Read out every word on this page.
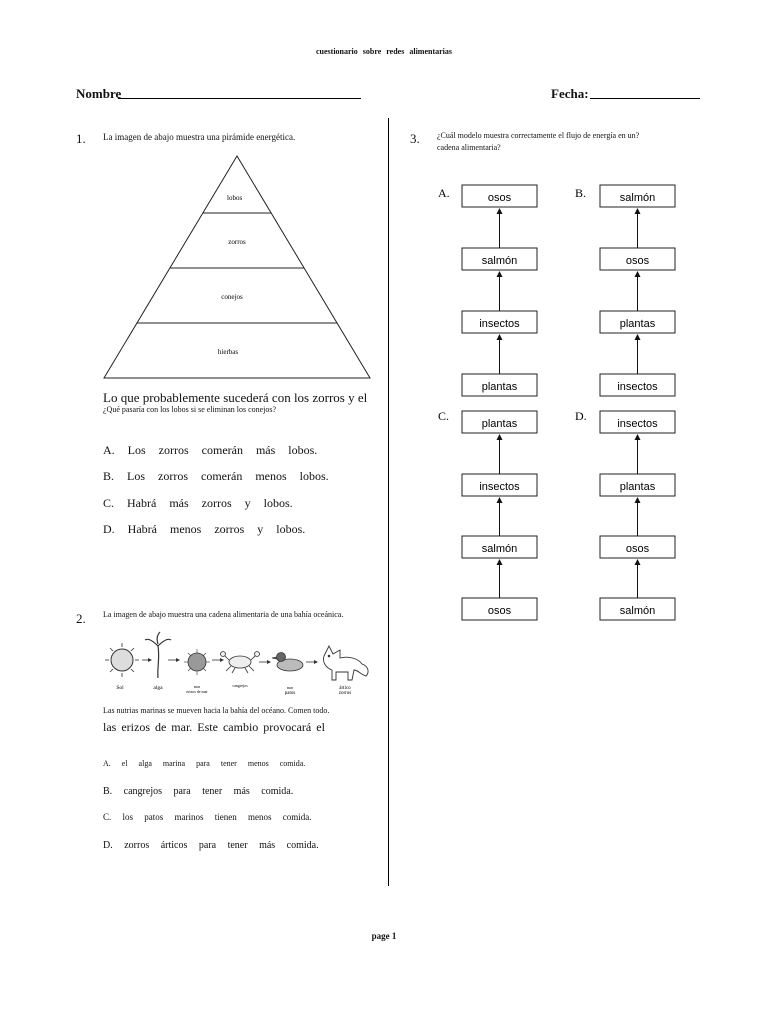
cuestionario sobre redes alimentarias
Nombre	Fecha:
1. La imagen de abajo muestra una pirámide energética.
lobos
zorros
conejos
hierbas
Lo que probablemente sucederá con los zorros y el
¿Qué pasaría con los lobos si se eliminan los conejos?
A. Los zorros comerán más lobos.
B. Los zorros comerán menos lobos.
C. Habrá más zorros y lobos.
D. Habrá menos zorros y lobos.
2. La imagen de abajo muestra una cadena alimentaria de una bahía oceánica.
Sol	alga	mar
erizos de mar
cangrejos	mar
patos
ártico
zorros
Las nutrias marinas se mueven hacia la bahía del océano. Comen todo.
las erizos de mar. Este cambio provocará el
A. el alga marina para tener menos comida.
B. cangrejos para tener más comida.
C. los patos marinos tienen menos comida.
D. zorros árticos para tener más comida.
3. ¿Cuál modelo muestra correctamente el flujo de energía en un?
cadena alimentaria?
A.	osos
salmón
insectos
plantas
B.	salmón
osos
plantas
insectos
C.
plantas
insectos
salmón
osos
D.
insectos
plantas
osos
salmón
page 1
